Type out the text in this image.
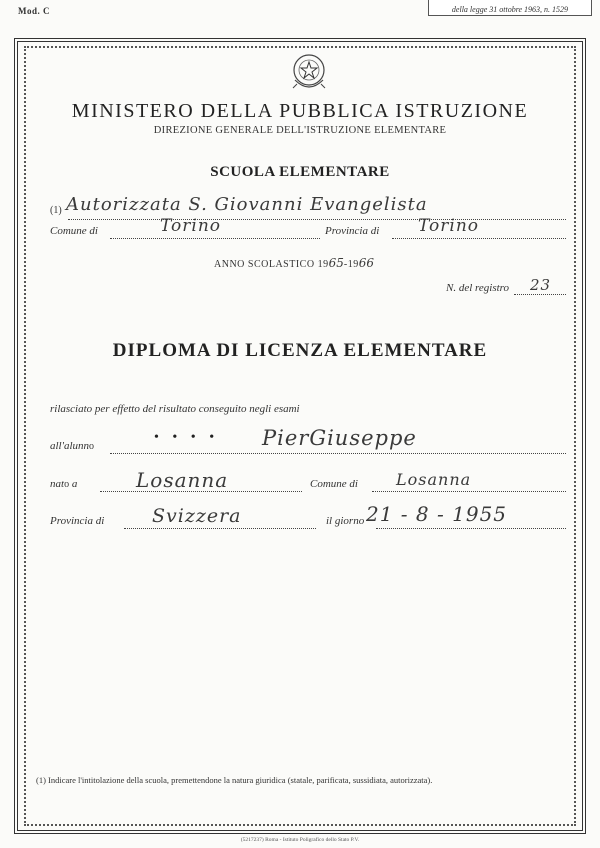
Mod. C	della legge 31 ottobre 1963, n. 1529
MINISTERO DELLA PUBBLICA ISTRUZIONE
DIREZIONE GENERALE DELL'ISTRUZIONE ELEMENTARE
SCUOLA ELEMENTARE
(1) Autorizzata S. Giovanni Evangelista
Comune di	Torino	Provincia di Torino
ANNO SCOLASTICO 1965-1966
N. del registro 23
DIPLOMA DI LICENZA ELEMENTARE
rilasciato per effetto del risultato conseguito negli esami
all'alunno
• • • • PierGiuseppe
nato a	Losanna	Comune di Losanna
Provincia di	Svizzera	il giorno 21 - 8 - 1955
(1) Indicare l'intitolazione della scuola, premettendone la natura giuridica (statale, parificata, sussidiata, autorizzata).
(5217237) Roma - Istituto Poligrafico dello Stato P.V.
